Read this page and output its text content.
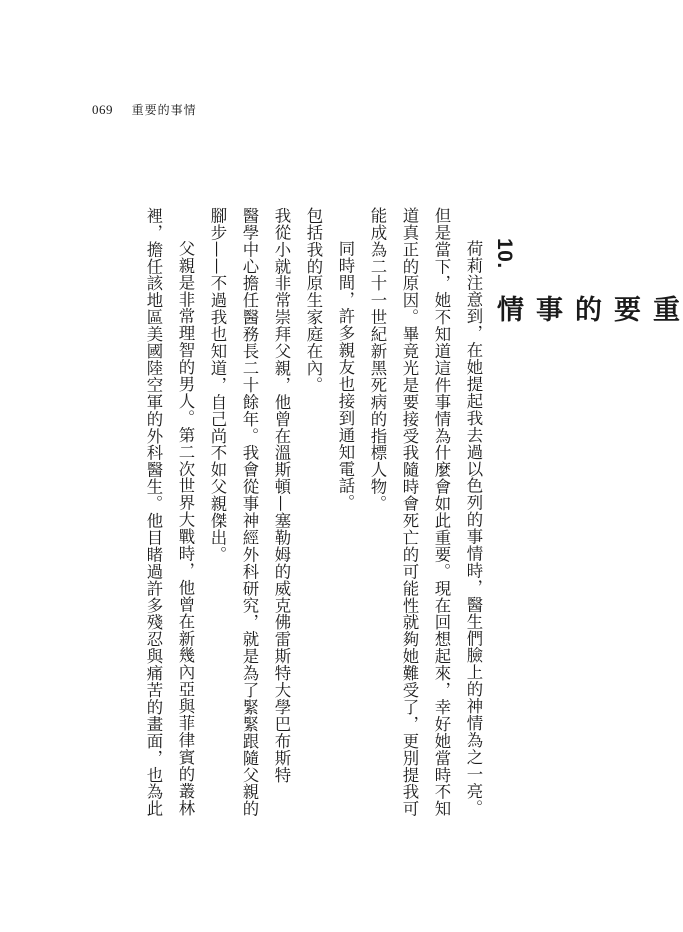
069 重要的事情
10.
重要的事情

荷莉注意到，在她提起我去過以色列的事情時，醫生們臉上的神情為之一亮。

但是當下，她不知道這件事情為什麼會如此重要。現在回想起來，幸好她當時不知

道真正的原因。畢竟光是要接受我隨時會死亡的可能性就夠她難受了，更別提我可

能成為二十一世紀新黑死病的指標人物。

同時間，許多親友也接到通知電話。

包括我的原生家庭在內。

我從小就非常崇拜父親，他曾在溫斯頓—塞勒姆的威克佛雷斯特大學巴布斯特

醫學中心擔任醫務長二十餘年。我會從事神經外科研究，就是為了緊緊跟隨父親的

腳步——不過我也知道，自己尚不如父親傑出。

父親是非常理智的男人。第二次世界大戰時，他曾在新幾內亞與菲律賓的叢林

裡，擔任該地區美國陸空軍的外科醫生。他目睹過許多殘忍與痛苦的畫面，也為此
